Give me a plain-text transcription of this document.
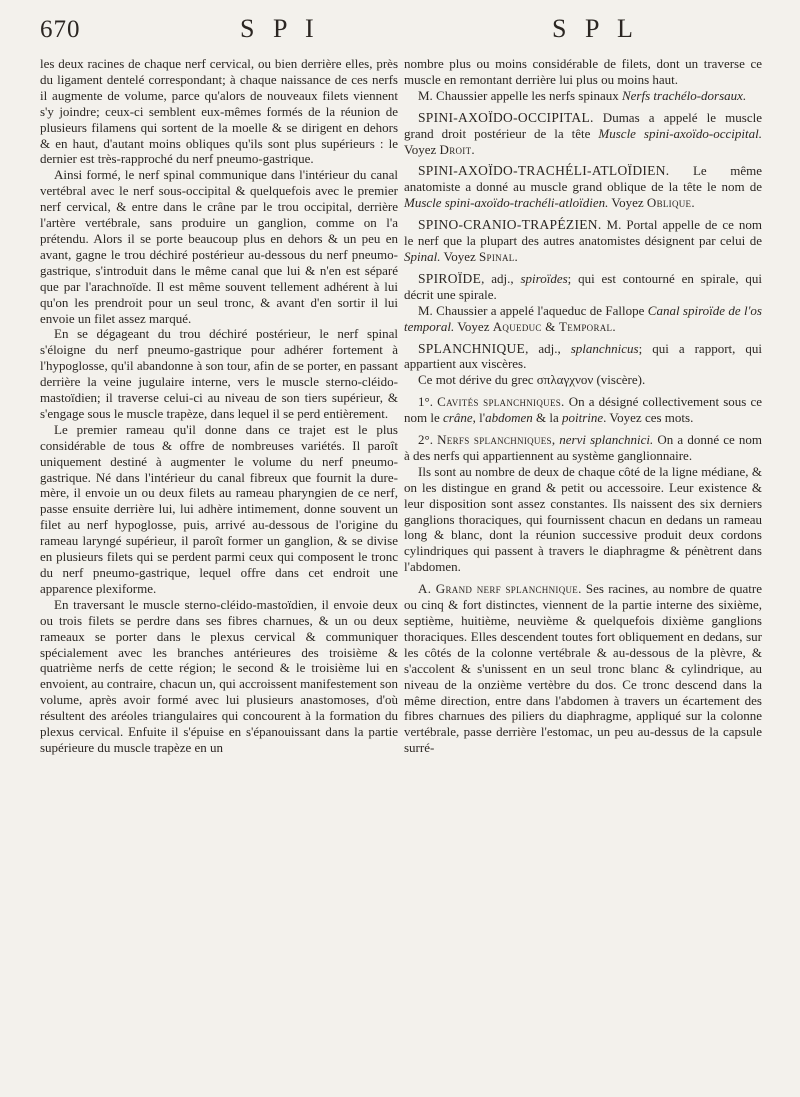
670	S P I	S P L

les deux racines de chaque nerf cervical, ou bien derrière elles, près du ligament dentelé correspondant; à chaque naissance de ces nerfs il augmente de volume, parce qu'alors de nouveaux filets viennent s'y joindre; ceux-ci semblent eux-mêmes formés de la réunion de plusieurs filamens qui sortent de la moelle & se dirigent en dehors & en haut, d'autant moins obliques qu'ils sont plus supérieurs : le dernier est très-rapproché du nerf pneumo-gastrique.

Ainsi formé, le nerf spinal communique dans l'intérieur du canal vertébral avec le nerf sous-occipital & quelquefois avec le premier nerf cervical, & entre dans le crâne par le trou occipital, derrière l'artère vertébrale, sans produire un ganglion, comme on l'a prétendu. Alors il se porte beaucoup plus en dehors & un peu en avant, gagne le trou déchiré postérieur au-dessous du nerf pneumo-gastrique, s'introduit dans le même canal que lui & n'en est séparé que par l'arachnoïde. Il est même souvent tellement adhérent à lui qu'on les prendroit pour un seul tronc, & avant d'en sortir il lui envoie un filet assez marqué.

En se dégageant du trou déchiré postérieur, le nerf spinal s'éloigne du nerf pneumo-gastrique pour adhérer fortement à l'hypoglosse, qu'il abandonne à son tour, afin de se porter, en passant derrière la veine jugulaire interne, vers le muscle sterno-cléido-mastoïdien; il traverse celui-ci au niveau de son tiers supérieur, & s'engage sous le muscle trapèze, dans lequel il se perd entièrement.

Le premier rameau qu'il donne dans ce trajet est le plus considérable de tous & offre de nombreuses variétés. Il paroît uniquement destiné à augmenter le volume du nerf pneumo-gastrique. Né dans l'intérieur du canal fibreux que fournit la dure-mère, il envoie un ou deux filets au rameau pharyngien de ce nerf, passe ensuite derrière lui, lui adhère intimement, donne souvent un filet au nerf hypoglosse, puis, arrivé au-dessous de l'origine du rameau laryngé supérieur, il paroît former un ganglion, & se divise en plusieurs filets qui se perdent parmi ceux qui composent le tronc du nerf pneumo-gastrique, lequel offre dans cet endroit une apparence plexiforme.

En traversant le muscle sterno-cléido-mastoïdien, il envoie deux ou trois filets se perdre dans ses fibres charnues, & un ou deux rameaux se porter dans le plexus cervical & communiquer spécialement avec les branches antérieures des troisième & quatrième nerfs de cette région; le second & le troisième lui en envoient, au contraire, chacun un, qui accroissent manifestement son volume, après avoir formé avec lui plusieurs anastomoses, d'où résultent des aréoles triangulaires qui concourent à la formation du plexus cervical. Enfuite il s'épuise en s'épanouissant dans la partie supérieure du muscle trapèze en un

nombre plus ou moins considérable de filets, dont un traverse ce muscle en remontant derrière lui plus ou moins haut.

M. Chaussier appelle les nerfs spinaux Nerfs trachélo-dorsaux.

SPINI-AXOÏDO-OCCIPITAL. Dumas a appelé le muscle grand droit postérieur de la tête Muscle spini-axoïdo-occipital. Voyez Droit.

SPINI-AXOÏDO-TRACHÉLI-ATLOÏDIEN. Le même anatomiste a donné au muscle grand oblique de la tête le nom de Muscle spini-axoïdo-trachéli-atloïdien. Voyez Oblique.

SPINO-CRANIO-TRAPÉZIEN. M. Portal appelle de ce nom le nerf que la plupart des autres anatomistes désignent par celui de Spinal. Voyez Spinal.

SPIROÏDE, adj., spiroïdes; qui est contourné en spirale, qui décrit une spirale.

M. Chaussier a appelé l'aqueduc de Fallope Canal spiroïde de l'os temporal. Voyez Aqueduc & Temporal.

SPLANCHNIQUE, adj., splanchnicus; qui a rapport, qui appartient aux viscères.

Ce mot dérive du grec σπλαγχνον (viscère).

1°. Cavités splanchniques. On a désigné collectivement sous ce nom le crâne, l'abdomen & la poitrine. Voyez ces mots.

2°. Nerfs splanchniques, nervi splanchnici. On a donné ce nom à des nerfs qui appartiennent au système ganglionnaire.

Ils sont au nombre de deux de chaque côté de la ligne médiane, & on les distingue en grand & petit ou accessoire. Leur existence & leur disposition sont assez constantes. Ils naissent des six derniers ganglions thoraciques, qui fournissent chacun en dedans un rameau long & blanc, dont la réunion successive produit deux cordons cylindriques qui passent à travers le diaphragme & pénètrent dans l'abdomen.

A. Grand nerf splanchnique. Ses racines, au nombre de quatre ou cinq & fort distinctes, viennent de la partie interne des sixième, septième, huitième, neuvième & quelquefois dixième ganglions thoraciques. Elles descendent toutes fort obliquement en dedans, sur les côtés de la colonne vertébrale & au-dessous de la plèvre, & s'accolent & s'unissent en un seul tronc blanc & cylindrique, au niveau de la onzième vertèbre du dos. Ce tronc descend dans la même direction, entre dans l'abdomen à travers un écartement des fibres charnues des piliers du diaphragme, appliqué sur la colonne vertébrale, passe derrière l'estomac, un peu au-dessus de la capsule surré-
